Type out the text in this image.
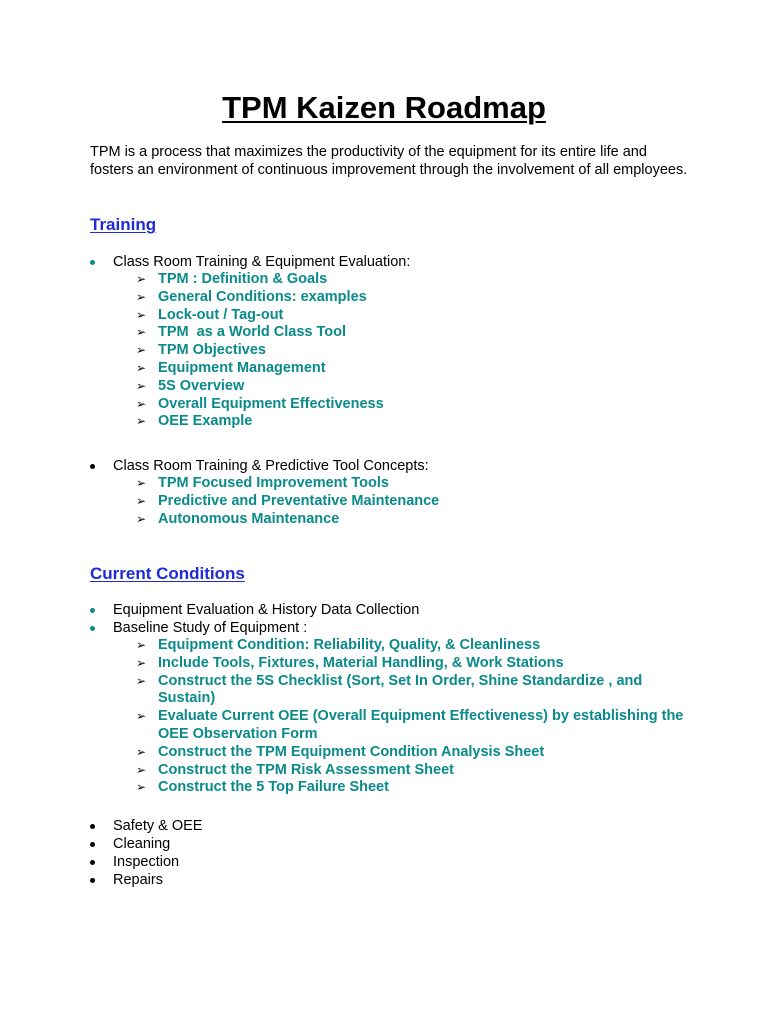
TPM Kaizen Roadmap

TPM is a process that maximizes the productivity of the equipment for its entire life and fosters an environment of continuous improvement through the involvement of all employees.

Training
Class Room Training & Equipment Evaluation:
➢ TPM : Definition & Goals
➢ General Conditions: examples
➢ Lock-out / Tag-out
➢ TPM  as a World Class Tool
➢ TPM Objectives
➢ Equipment Management
➢ 5S Overview
➢ Overall Equipment Effectiveness
➢ OEE Example
Class Room Training & Predictive Tool Concepts:
➢ TPM Focused Improvement Tools
➢ Predictive and Preventative Maintenance
➢ Autonomous Maintenance
Current Conditions
Equipment Evaluation & History Data Collection
Baseline Study of Equipment :
➢ Equipment Condition: Reliability, Quality, & Cleanliness
➢ Include Tools, Fixtures, Material Handling, & Work Stations
➢ Construct the 5S Checklist (Sort, Set In Order, Shine Standardize , and Sustain)
➢ Evaluate Current OEE (Overall Equipment Effectiveness) by establishing the OEE Observation Form
➢ Construct the TPM Equipment Condition Analysis Sheet
➢ Construct the TPM Risk Assessment Sheet
➢ Construct the 5 Top Failure Sheet
Safety & OEE
Cleaning
Inspection
Repairs
